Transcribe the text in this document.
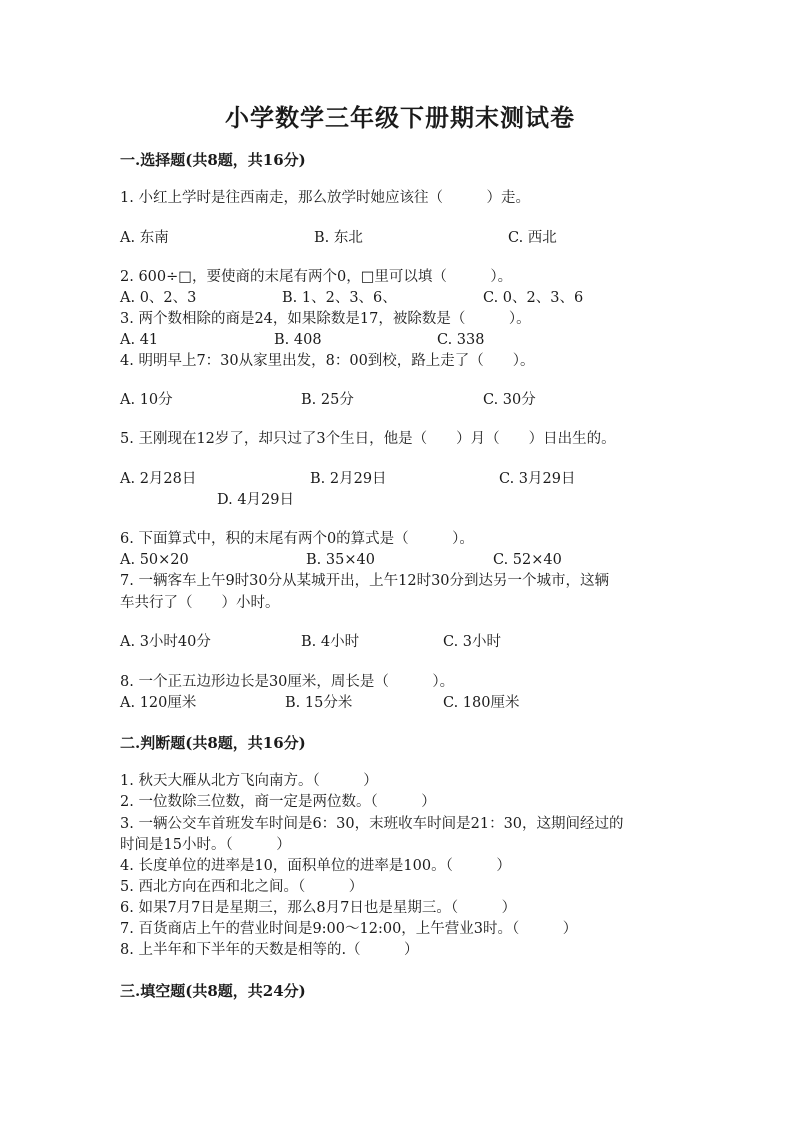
小学数学三年级下册期末测试卷
一.选择题(共8题，共16分)
1. 小红上学时是往西南走，那么放学时她应该往（　　　）走。
A. 东南	B. 东北	C. 西北
2. 600÷□，要使商的末尾有两个0，□里可以填（　　　）。
A. 0、2、3	B. 1、2、3、6、	C. 0、2、3、6
3. 两个数相除的商是24，如果除数是17，被除数是（　　　）。
A. 41	B. 408	C. 338
4. 明明早上7：30从家里出发，8：00到校，路上走了（　　）。
A. 10分	B. 25分	C. 30分
5. 王刚现在12岁了，却只过了3个生日，他是（　　）月（　　）日出生的。
A. 2月28日	B. 2月29日	C. 3月29日
D. 4月29日
6. 下面算式中，积的末尾有两个0的算式是（　　　）。
A. 50×20	B. 35×40	C. 52×40
7. 一辆客车上午9时30分从某城开出，上午12时30分到达另一个城市，这辆
车共行了（　　）小时。
A. 3小时40分	B. 4小时	C. 3小时
8. 一个正五边形边长是30厘米，周长是（　　　）。
A. 120厘米	B. 15分米	C. 180厘米
二.判断题(共8题，共16分)
1. 秋天大雁从北方飞向南方。（　　　）
2. 一位数除三位数，商一定是两位数。（　　　）
3. 一辆公交车首班发车时间是6：30，末班收车时间是21：30，这期间经过的
时间是15小时。（　　　）
4. 长度单位的进率是10，面积单位的进率是100。（　　　）
5. 西北方向在西和北之间。（　　　）
6. 如果7月7日是星期三，那么8月7日也是星期三。（　　　）
7. 百货商店上午的营业时间是9:00～12:00，上午营业3时。（　　　）
8. 上半年和下半年的天数是相等的.（　　　）
三.填空题(共8题，共24分)
